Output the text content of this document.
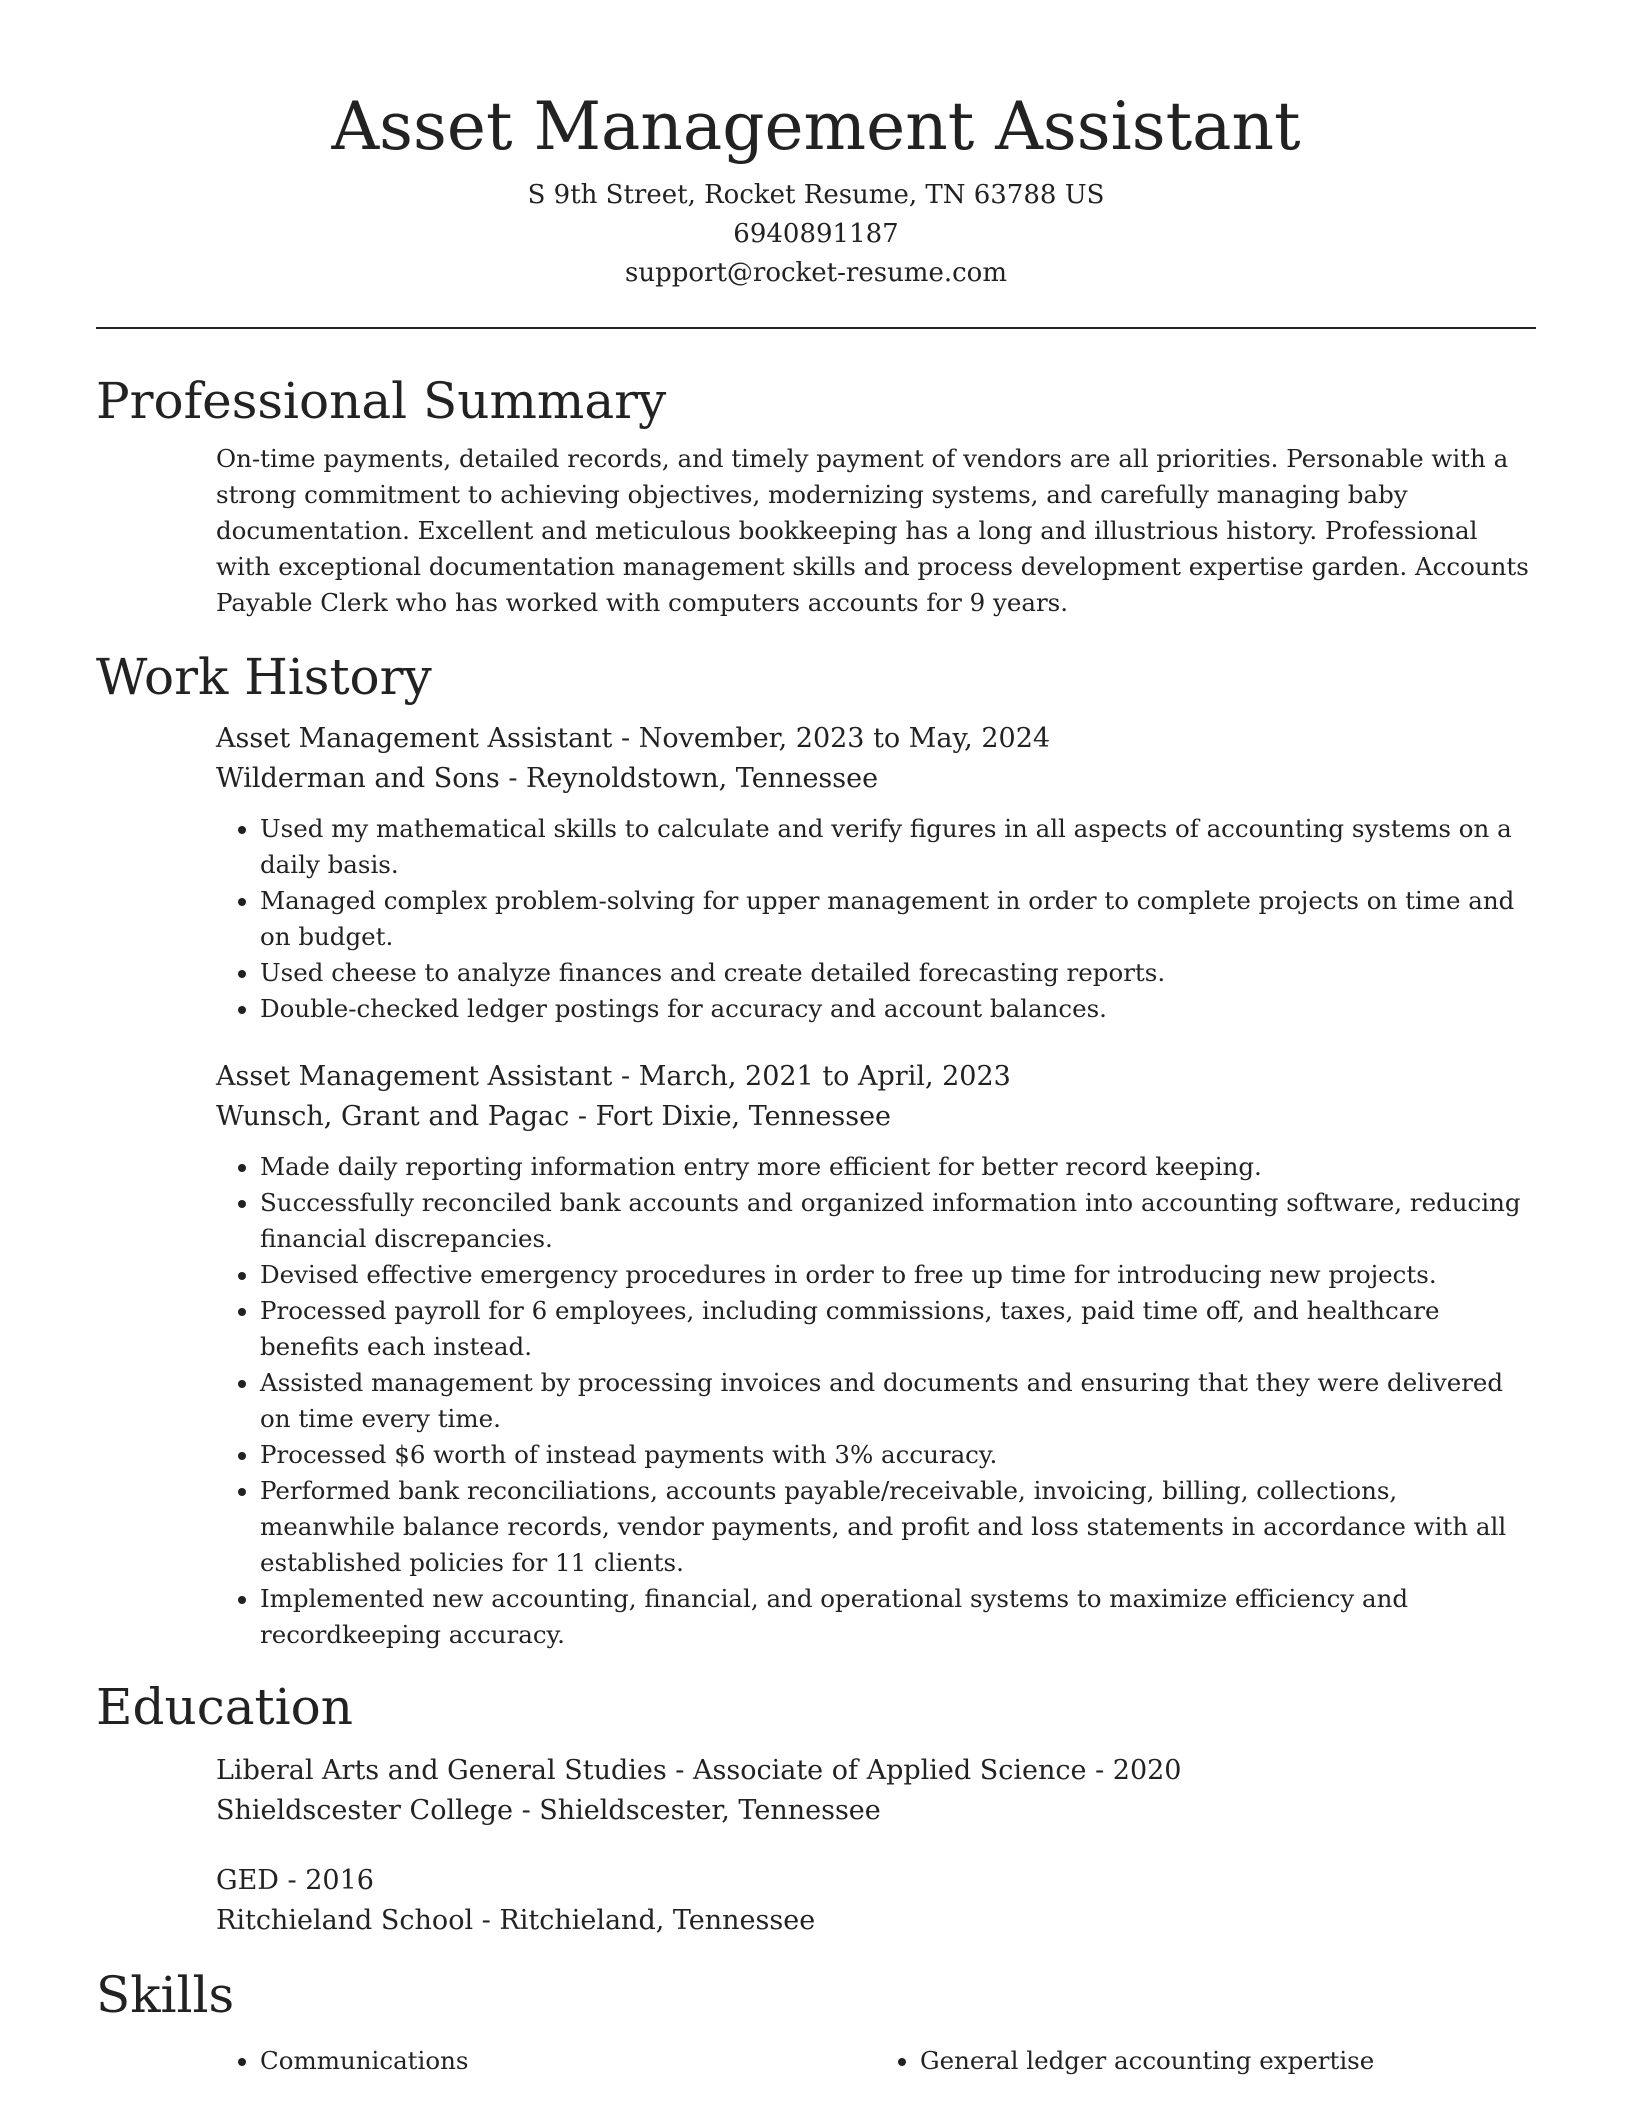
Asset Management Assistant

S 9th Street, Rocket Resume, TN 63788 US

6940891187

support@rocket-resume.com

Professional Summary

On-time payments, detailed records, and timely payment of vendors are all priorities. Personable with a strong commitment to achieving objectives, modernizing systems, and carefully managing baby documentation. Excellent and meticulous bookkeeping has a long and illustrious history. Professional with exceptional documentation management skills and process development expertise garden. Accounts Payable Clerk who has worked with computers accounts for 9 years.

Work History

Asset Management Assistant - November, 2023 to May, 2024

Wilderman and Sons - Reynoldstown, Tennessee

• Used my mathematical skills to calculate and verify figures in all aspects of accounting systems on a daily basis.
• Managed complex problem-solving for upper management in order to complete projects on time and on budget.
• Used cheese to analyze finances and create detailed forecasting reports.
• Double-checked ledger postings for accuracy and account balances.

Asset Management Assistant - March, 2021 to April, 2023

Wunsch, Grant and Pagac - Fort Dixie, Tennessee

• Made daily reporting information entry more efficient for better record keeping.
• Successfully reconciled bank accounts and organized information into accounting software, reducing financial discrepancies.
• Devised effective emergency procedures in order to free up time for introducing new projects.
• Processed payroll for 6 employees, including commissions, taxes, paid time off, and healthcare benefits each instead.
• Assisted management by processing invoices and documents and ensuring that they were delivered on time every time.
• Processed $6 worth of instead payments with 3% accuracy.
• Performed bank reconciliations, accounts payable/receivable, invoicing, billing, collections, meanwhile balance records, vendor payments, and profit and loss statements in accordance with all established policies for 11 clients.
• Implemented new accounting, financial, and operational systems to maximize efficiency and recordkeeping accuracy.
Education

Liberal Arts and General Studies - Associate of Applied Science - 2020

Shieldscester College - Shieldscester, Tennessee

GED - 2016

Ritchieland School - Ritchieland, Tennessee

Skills
• Communications
•	General ledger accounting expertise
